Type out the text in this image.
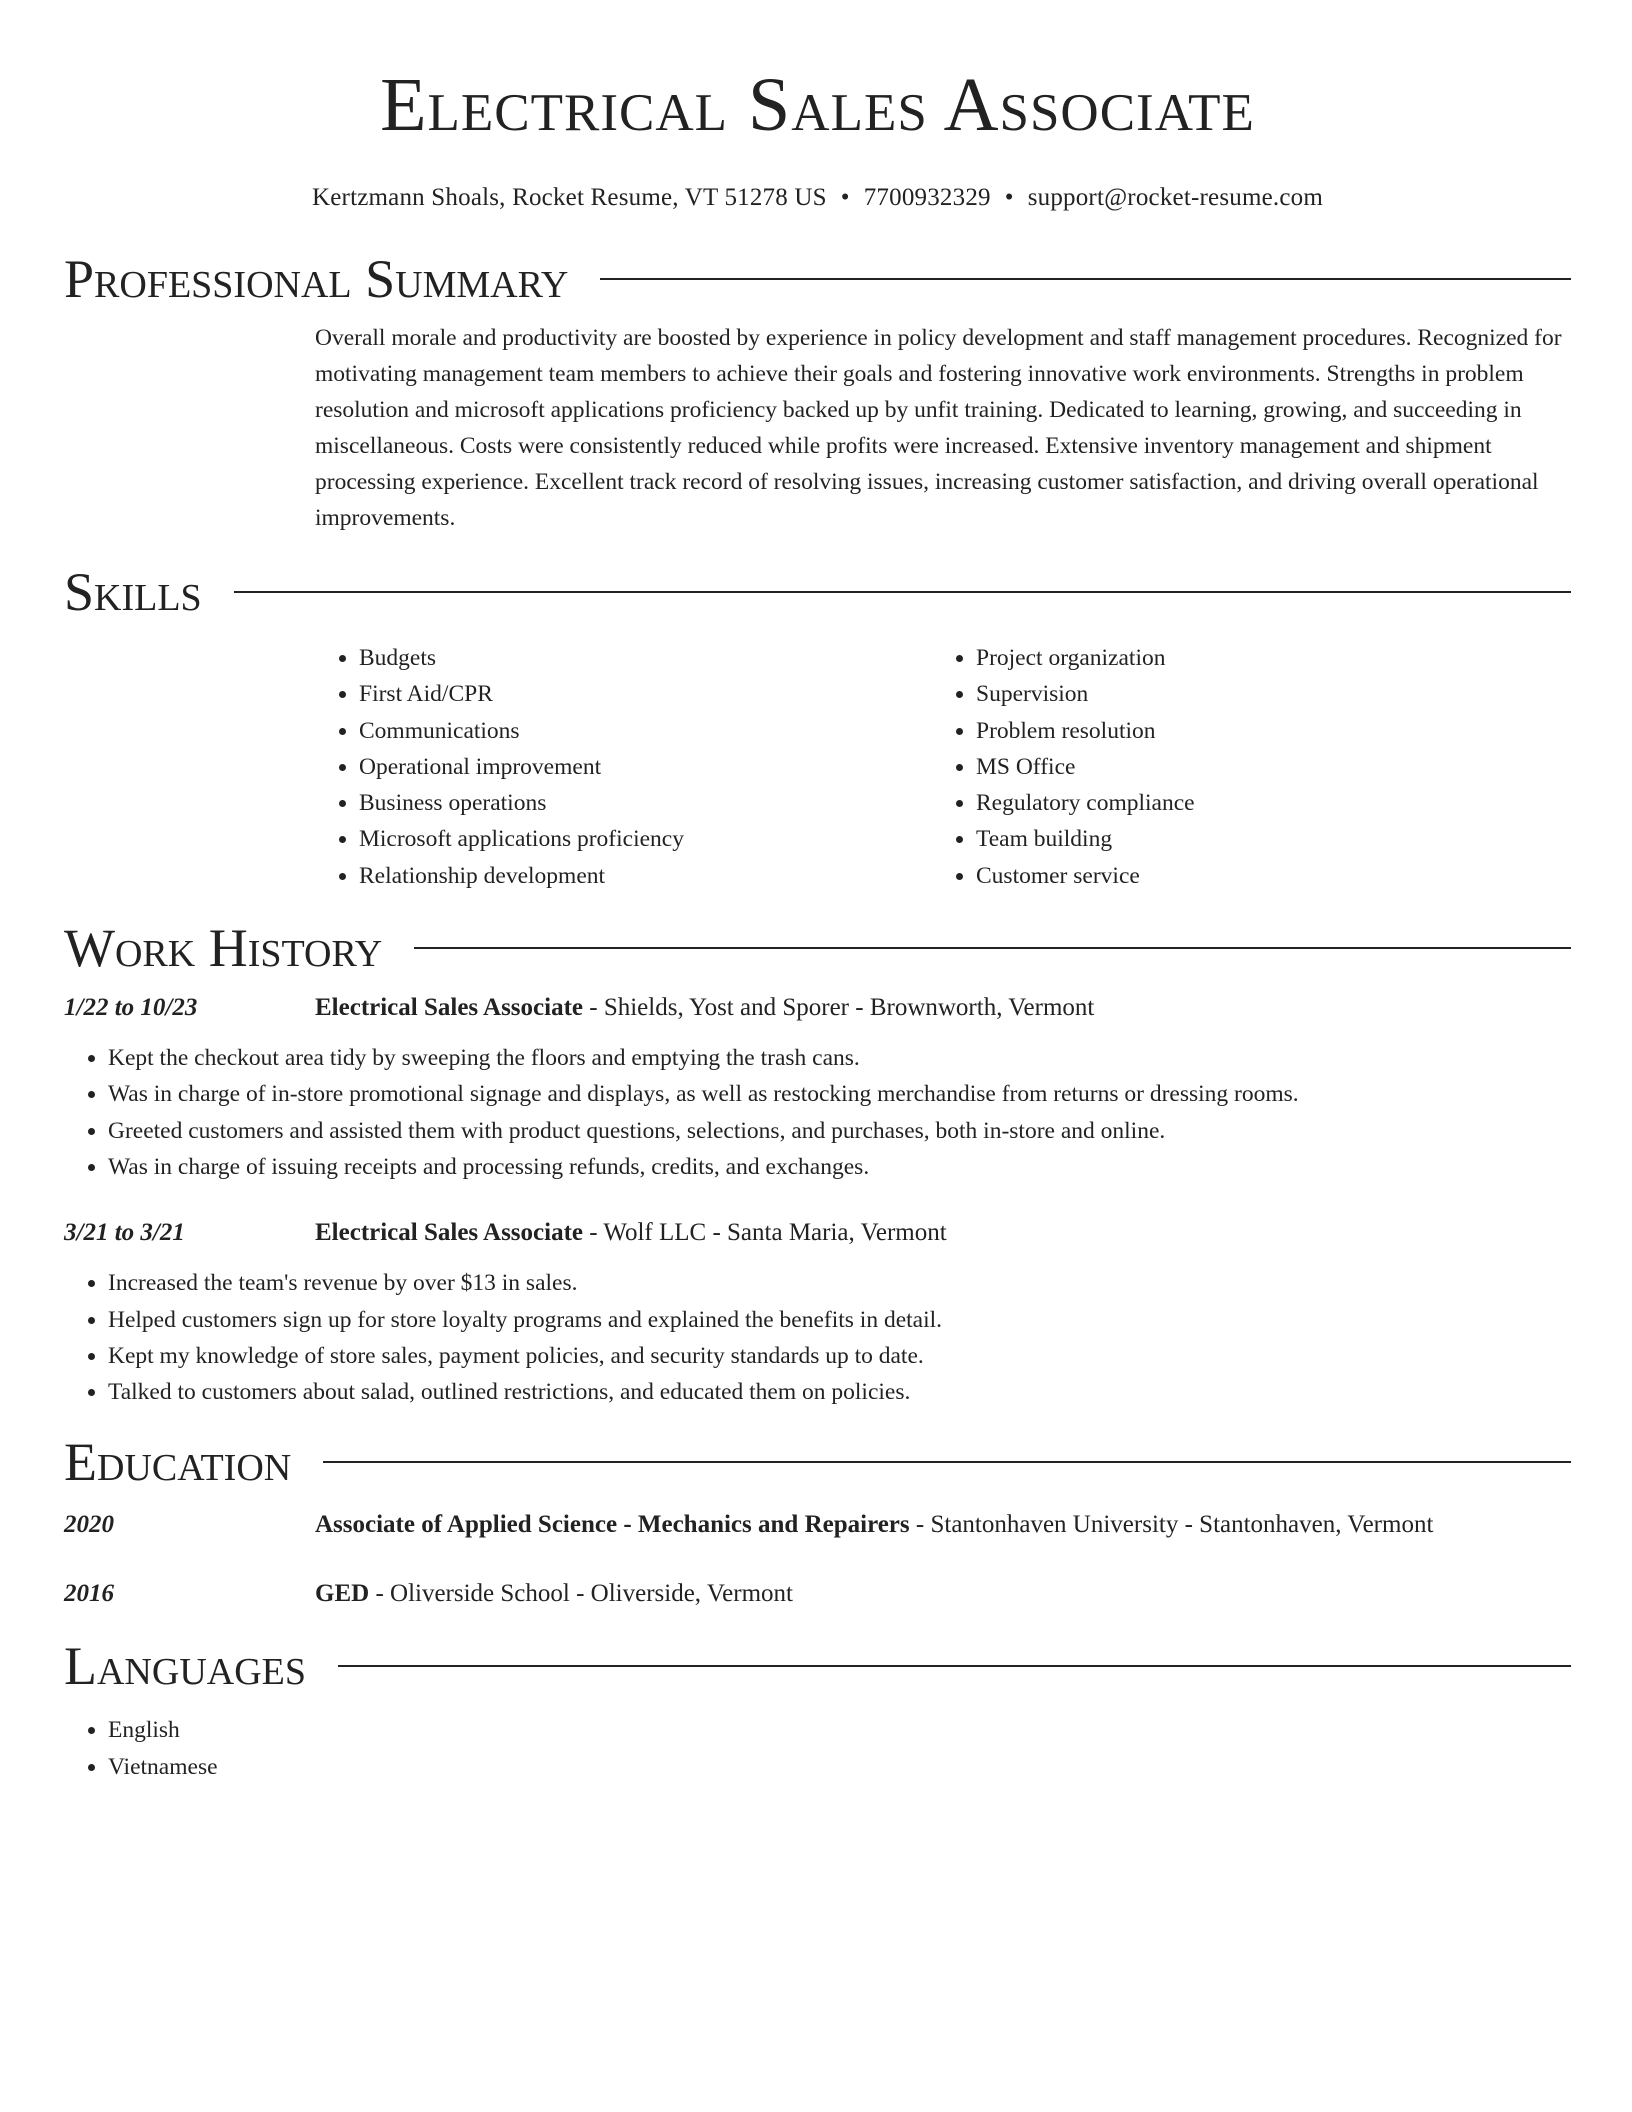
Electrical Sales Associate
Kertzmann Shoals, Rocket Resume, VT 51278 US • 7700932329 • support@rocket-resume.com
Professional Summary
Overall morale and productivity are boosted by experience in policy development and staff management procedures. Recognized for motivating management team members to achieve their goals and fostering innovative work environments. Strengths in problem resolution and microsoft applications proficiency backed up by unfit training. Dedicated to learning, growing, and succeeding in miscellaneous. Costs were consistently reduced while profits were increased. Extensive inventory management and shipment processing experience. Excellent track record of resolving issues, increasing customer satisfaction, and driving overall operational improvements.
Skills
• Budgets
• First Aid/CPR
• Communications
• Operational improvement
• Business operations
• Microsoft applications proficiency
• Relationship development
• Project organization
• Supervision
• Problem resolution
• MS Office
• Regulatory compliance
• Team building
• Customer service
Work History
1/22 to 10/23	Electrical Sales Associate - Shields, Yost and Sporer - Brownworth, Vermont
• Kept the checkout area tidy by sweeping the floors and emptying the trash cans.
• Was in charge of in-store promotional signage and displays, as well as restocking merchandise from returns or dressing rooms.
• Greeted customers and assisted them with product questions, selections, and purchases, both in-store and online.
• Was in charge of issuing receipts and processing refunds, credits, and exchanges.
3/21 to 3/21	Electrical Sales Associate - Wolf LLC - Santa Maria, Vermont
• Increased the team's revenue by over $13 in sales.
• Helped customers sign up for store loyalty programs and explained the benefits in detail.
• Kept my knowledge of store sales, payment policies, and security standards up to date.
• Talked to customers about salad, outlined restrictions, and educated them on policies.
Education
2020	Associate of Applied Science - Mechanics and Repairers - Stantonhaven University - Stantonhaven, Vermont
2016	GED - Oliverside School - Oliverside, Vermont
Languages
• English
• Vietnamese
